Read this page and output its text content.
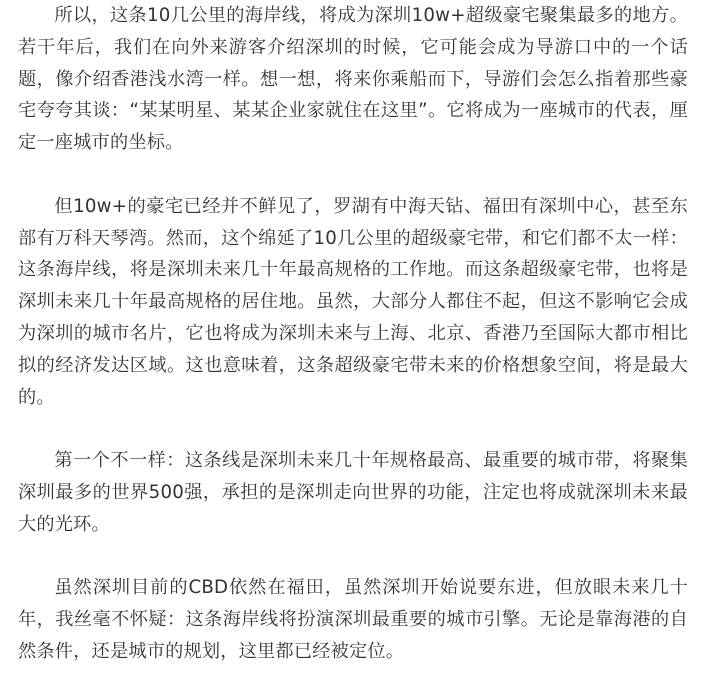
所以，这条10几公里的海岸线，将成为深圳10w+超级豪宅聚集最多的地方。若干年后，我们在向外来游客介绍深圳的时候，它可能会成为导游口中的一个话题，像介绍香港浅水湾一样。想一想，将来你乘船而下，导游们会怎么指着那些豪宅夸夸其谈：“某某明星、某某企业家就住在这里”。它将成为一座城市的代表，厘定一座城市的坐标。

但10w+的豪宅已经并不鲜见了，罗湖有中海天钻、福田有深圳中心，甚至东部有万科天琴湾。然而，这个绵延了10几公里的超级豪宅带，和它们都不太一样：这条海岸线，将是深圳未来几十年最高规格的工作地。而这条超级豪宅带，也将是深圳未来几十年最高规格的居住地。虽然，大部分人都住不起，但这不影响它会成为深圳的城市名片，它也将成为深圳未来与上海、北京、香港乃至国际大都市相比拟的经济发达区域。这也意味着，这条超级豪宅带未来的价格想象空间，将是最大的。

第一个不一样：这条线是深圳未来几十年规格最高、最重要的城市带，将聚集深圳最多的世界500强，承担的是深圳走向世界的功能，注定也将成就深圳未来最大的光环。

虽然深圳目前的CBD依然在福田，虽然深圳开始说要东进，但放眼未来几十年，我丝毫不怀疑：这条海岸线将扮演深圳最重要的城市引擎。无论是靠海港的自然条件，还是城市的规划，这里都已经被定位。
